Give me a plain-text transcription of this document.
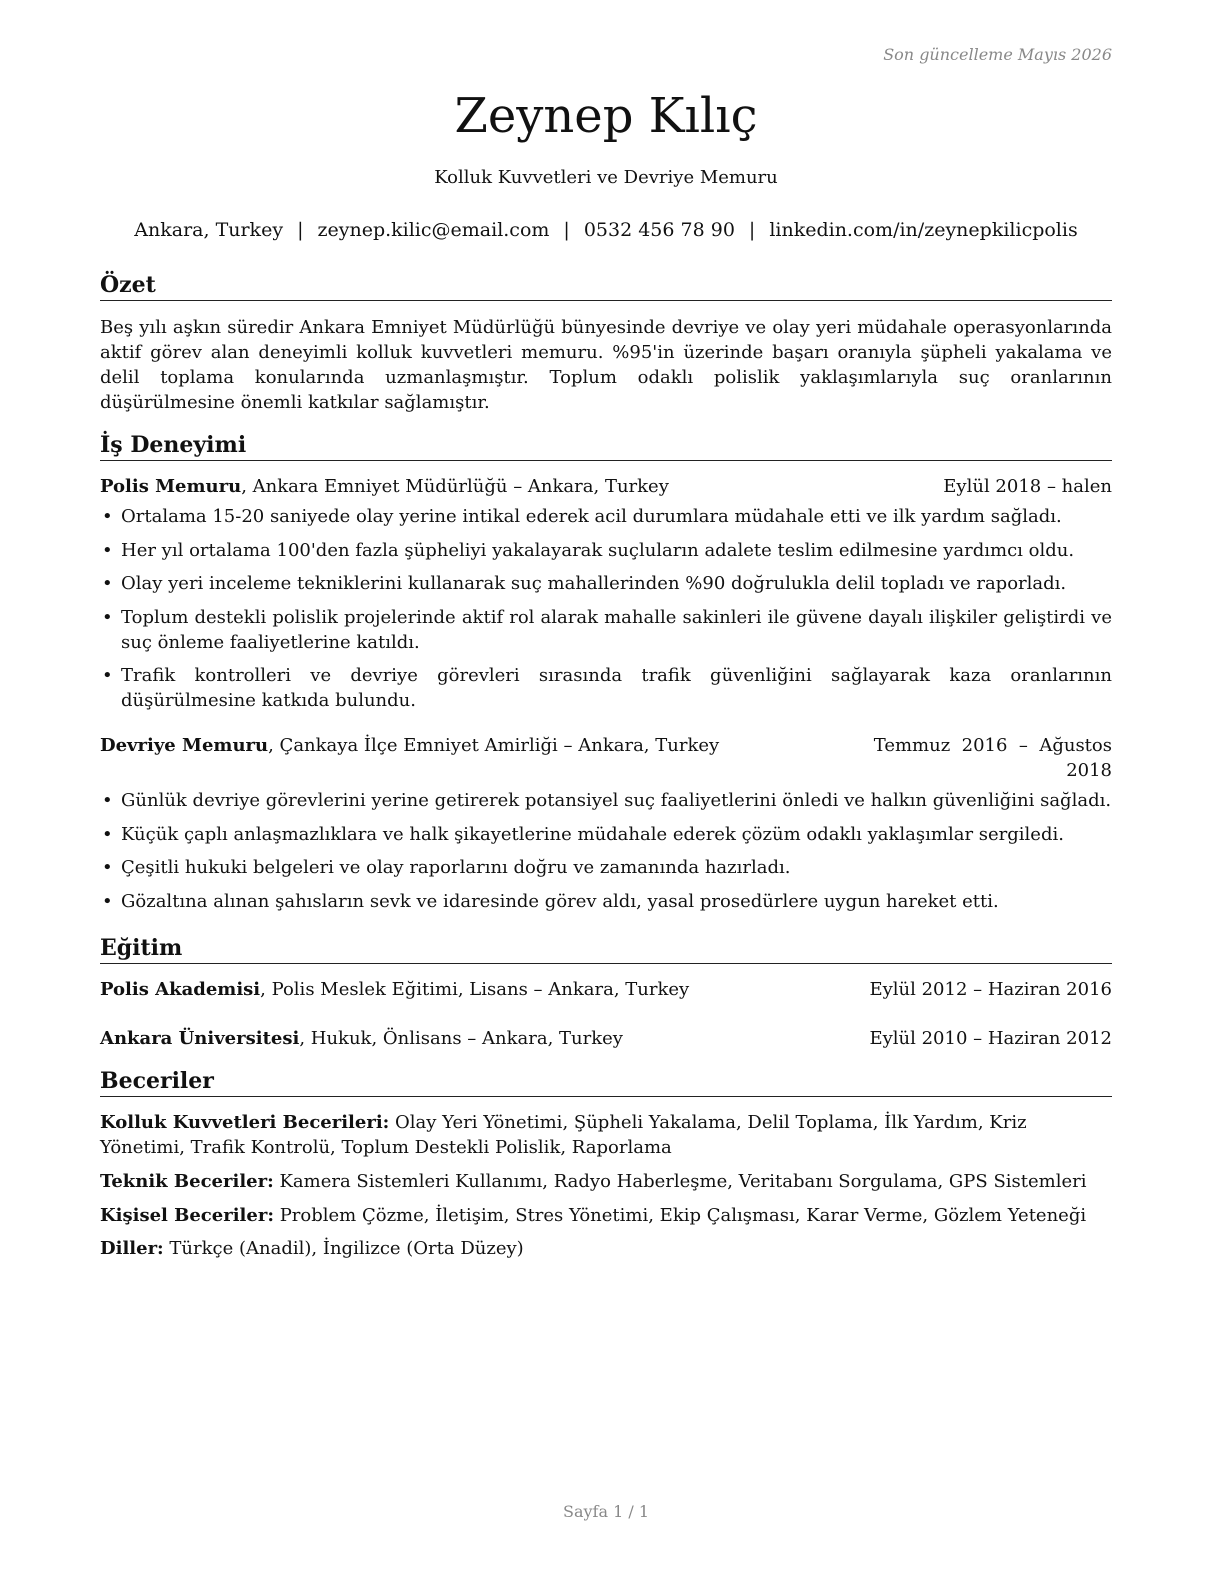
Son güncelleme Mayıs 2026
Zeynep Kılıç
Kolluk Kuvvetleri ve Devriye Memuru
Ankara, Turkey | zeynep.kilic@email.com | 0532 456 78 90 | linkedin.com/in/zeynepkilicpolis
Özet

Beş yılı aşkın süredir Ankara Emniyet Müdürlüğü bünyesinde devriye ve olay yeri müdahale operasyonlarında aktif görev alan deneyimli kolluk kuvvetleri memuru. %95'in üzerinde başarı oranıyla şüpheli yakalama ve delil toplama konularında uzmanlaşmıştır. Toplum odaklı polislik yaklaşımlarıyla suç oranlarının düşürülmesine önemli katkılar sağlamıştır.

İş Deneyimi
Polis Memuru, Ankara Emniyet Müdürlüğü – Ankara, Turkey	Eylül 2018 – halen
• Ortalama 15-20 saniyede olay yerine intikal ederek acil durumlara müdahale etti ve ilk yardım sağladı.
• Her yıl ortalama 100'den fazla şüpheliyi yakalayarak suçluların adalete teslim edilmesine yardımcı oldu.
• Olay yeri inceleme tekniklerini kullanarak suç mahallerinden %90 doğrulukla delil topladı ve raporladı.
• Toplum destekli polislik projelerinde aktif rol alarak mahalle sakinleri ile güvene dayalı ilişkiler geliştirdi ve suç önleme faaliyetlerine katıldı.
• Trafik kontrolleri ve devriye görevleri sırasında trafik güvenliğini sağlayarak kaza oranlarının düşürülmesine katkıda bulundu.
Devriye Memuru, Çankaya İlçe Emniyet Amirliği – Ankara, Turkey	Temmuz  2016  –  Ağustos
2018
• Günlük devriye görevlerini yerine getirerek potansiyel suç faaliyetlerini önledi ve halkın güvenliğini sağladı.
• Küçük çaplı anlaşmazlıklara ve halk şikayetlerine müdahale ederek çözüm odaklı yaklaşımlar sergiledi.
• Çeşitli hukuki belgeleri ve olay raporlarını doğru ve zamanında hazırladı.
• Gözaltına alınan şahısların sevk ve idaresinde görev aldı, yasal prosedürlere uygun hareket etti.
Eğitim
Polis Akademisi, Polis Meslek Eğitimi, Lisans – Ankara, Turkey	Eylül 2012 – Haziran 2016
Ankara Üniversitesi, Hukuk, Önlisans – Ankara, Turkey	Eylül 2010 – Haziran 2012
Beceriler
Kolluk Kuvvetleri Becerileri: Olay Yeri Yönetimi, Şüpheli Yakalama, Delil Toplama, İlk Yardım, Kriz Yönetimi, Trafik Kontrolü, Toplum Destekli Polislik, Raporlama
Teknik Beceriler: Kamera Sistemleri Kullanımı, Radyo Haberleşme, Veritabanı Sorgulama, GPS Sistemleri
Kişisel Beceriler: Problem Çözme, İletişim, Stres Yönetimi, Ekip Çalışması, Karar Verme, Gözlem Yeteneği
Diller: Türkçe (Anadil), İngilizce (Orta Düzey)
Sayfa 1 / 1
